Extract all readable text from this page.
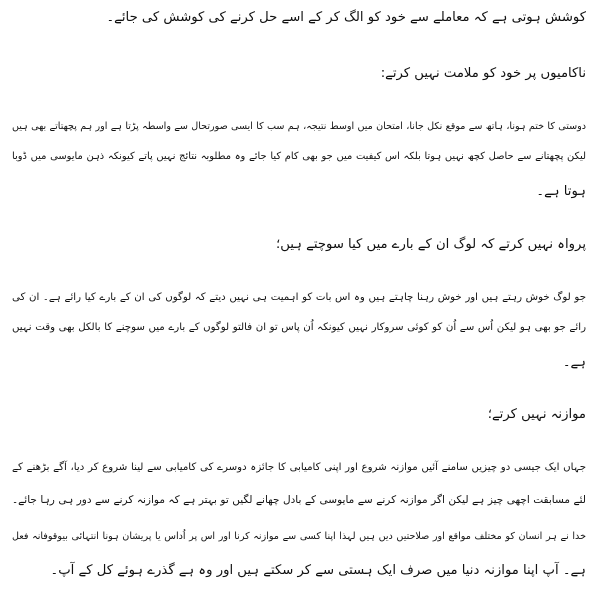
کوشش ہوتی ہے کہ معاملے سے خود کو الگ کر کے اسے حل کرنے کی کوشش کی جائے۔
ناکامیوں پر خود کو ملامت نہیں کرتے:
دوستی کا ختم ہونا، ہاتھ سے موقع نکل جانا، امتحان میں اوسط نتیجہ، ہم سب کا ایسی صورتحال سے واسطہ پڑتا ہے اور ہم پچھتاتے بھی ہیں
لیکن پچھتانے سے حاصل کچھ نہیں ہوتا بلکہ اس کیفیت میں جو بھی کام کیا جائے وہ مطلوبہ نتائج نہیں پاتے کیونکہ ذہن مایوسی میں ڈوبا
ہوتا ہے۔
پرواہ نہیں کرتے کہ لوگ ان کے بارے میں کیا سوچتے ہیں؛
جو لوگ خوش رہتے ہیں اور خوش رہنا چاہتے ہیں وہ اس بات کو اہمیت ہی نہیں دیتے کہ لوگوں کی ان کے بارے کیا رائے ہے۔ ان کی
رائے جو بھی ہو لیکن اُس سے اُن کو کوئی سروکار نہیں کیونکہ اُن پاس تو ان فالتو لوگوں کے بارے میں سوچنے کا بالکل بھی وقت نہیں
ہے۔
موازنہ نہیں کرتے؛
جہاں ایک جیسی دو چیزیں سامنے آئیں موازنہ شروع اور اپنی کامیابی کا جائزہ دوسرے کی کامیابی سے لینا شروع کر دیا، آگے بڑھنے کے
لئے مسابقت اچھی چیز ہے لیکن اگر موازنہ کرنے سے مایوسی کے بادل چھانے لگیں تو بہتر ہے کہ موازنہ کرنے سے دور ہی رہا جائے۔
خدا نے ہر انسان کو مختلف مواقع اور صلاحتیں دیں ہیں لہذا اپنا کسی سے موازنہ کرنا اور اس پر اُداس یا پریشان ہونا انتہائی بیوقوفانہ فعل
ہے۔ آپ اپنا موازنہ دنیا میں صرف ایک ہستی سے کر سکتے ہیں اور وہ ہے گذرے ہوئے کل کے آپ۔
